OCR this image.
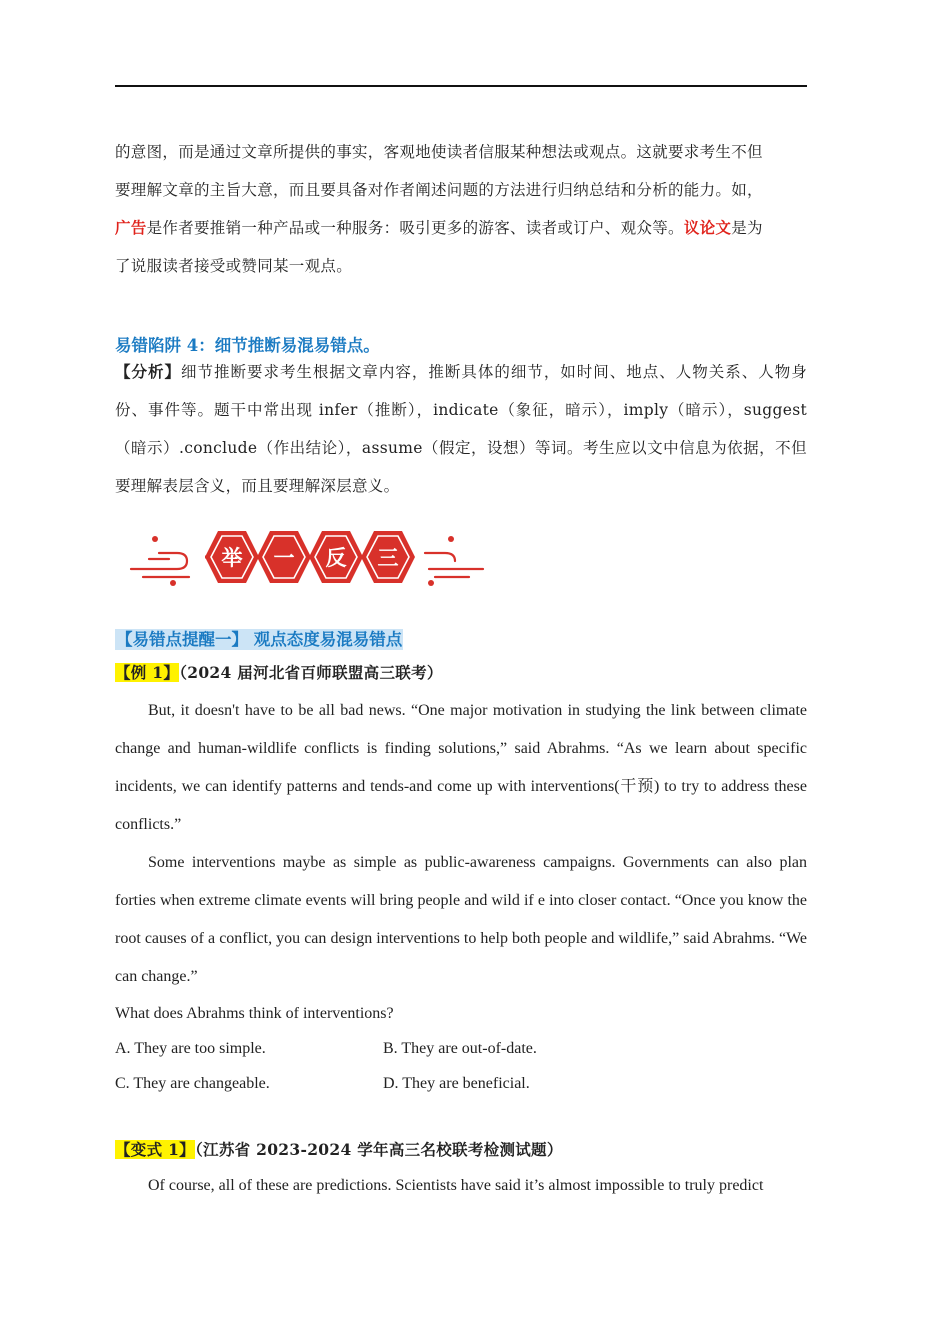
的意图，而是通过文章所提供的事实，客观地使读者信服某种想法或观点。这就要求考生不但
要理解文章的主旨大意，而且要具备对作者阐述问题的方法进行归纳总结和分析的能力。如，
广告是作者要推销一种产品或一种服务：吸引更多的游客、读者或订户、观众等。议论文是为
了说服读者接受或赞同某一观点。

易错陷阱 4：细节推断易混易错点。

【分析】细节推断要求考生根据文章内容，推断具体的细节，如时间、地点、人物关系、人物身份、事件等。题干中常出现 infer（推断），indicate（象征，暗示），imply（暗示），suggest（暗示）.conclude（作出结论），assume（假定，设想）等词。考生应以文中信息为依据，不但要理解表层含义，而且要理解深层意义。

举 一 反 三
【易错点提醒一】 观点态度易混易错点
【例 1】（2024 届河北省百师联盟高三联考）

But, it doesn't have to be all bad news. “One major motivation in studying the link between climate change and human-wildlife conflicts is finding solutions,” said Abrahms. “As we learn about specific incidents, we can identify patterns and tends-and come up with interventions(干预) to try to address these conflicts.”

Some interventions maybe as simple as public-awareness campaigns. Governments can also plan forties when extreme climate events will bring people and wild if e into closer contact. “Once you know the root causes of a conflict, you can design interventions to help both people and wildlife,” said Abrahms. “We can change.”

What does Abrahms think of interventions?
A. They are too simple.	B. They are out-of-date.
C. They are changeable.	D. They are beneficial.
【变式 1】（江苏省 2023-2024 学年高三名校联考检测试题）

Of course, all of these are predictions. Scientists have said it’s almost impossible to truly predict
